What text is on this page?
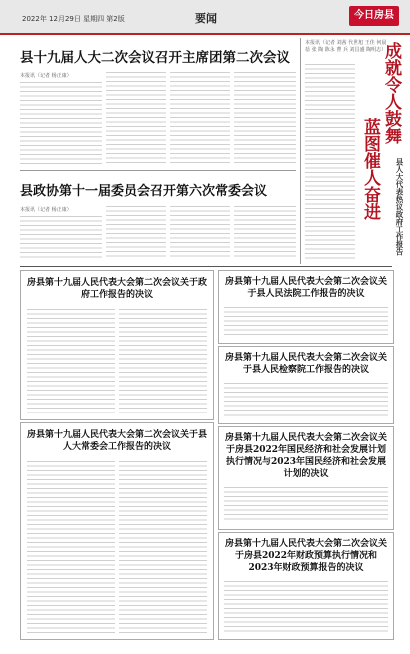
2022年 12月29日 星期四 第2版	要闻	今日房县
县十九届人大二次会议召开主席团第二次会议
本报讯（记者 杨正康）
县政协第十一届委员会召开第六次常委会议
本报讯（记者 杨正康）
本报讯（记者 刘茜 代世旭 王佳 何晨蓓 张 陶 陈永 曹 兵 刘昌盛 陶明志）
成就令人鼓舞
蓝图催人奋进 县人大代表热议政府工作报告
房县第十九届人民代表大会第二次会议关于政府工作报告的决议
房县第十九届人民代表大会第二次会议关于县人大常委会工作报告的决议
房县第十九届人民代表大会第二次会议关于县人民法院工作报告的决议
房县第十九届人民代表大会第二次会议关于县人民检察院工作报告的决议
房县第十九届人民代表大会第二次会议关于房县2022年国民经济和社会发展计划执行情况与2023年国民经济和社会发展计划的决议
房县第十九届人民代表大会第二次会议关于房县2022年财政预算执行情况和2023年财政预算报告的决议
